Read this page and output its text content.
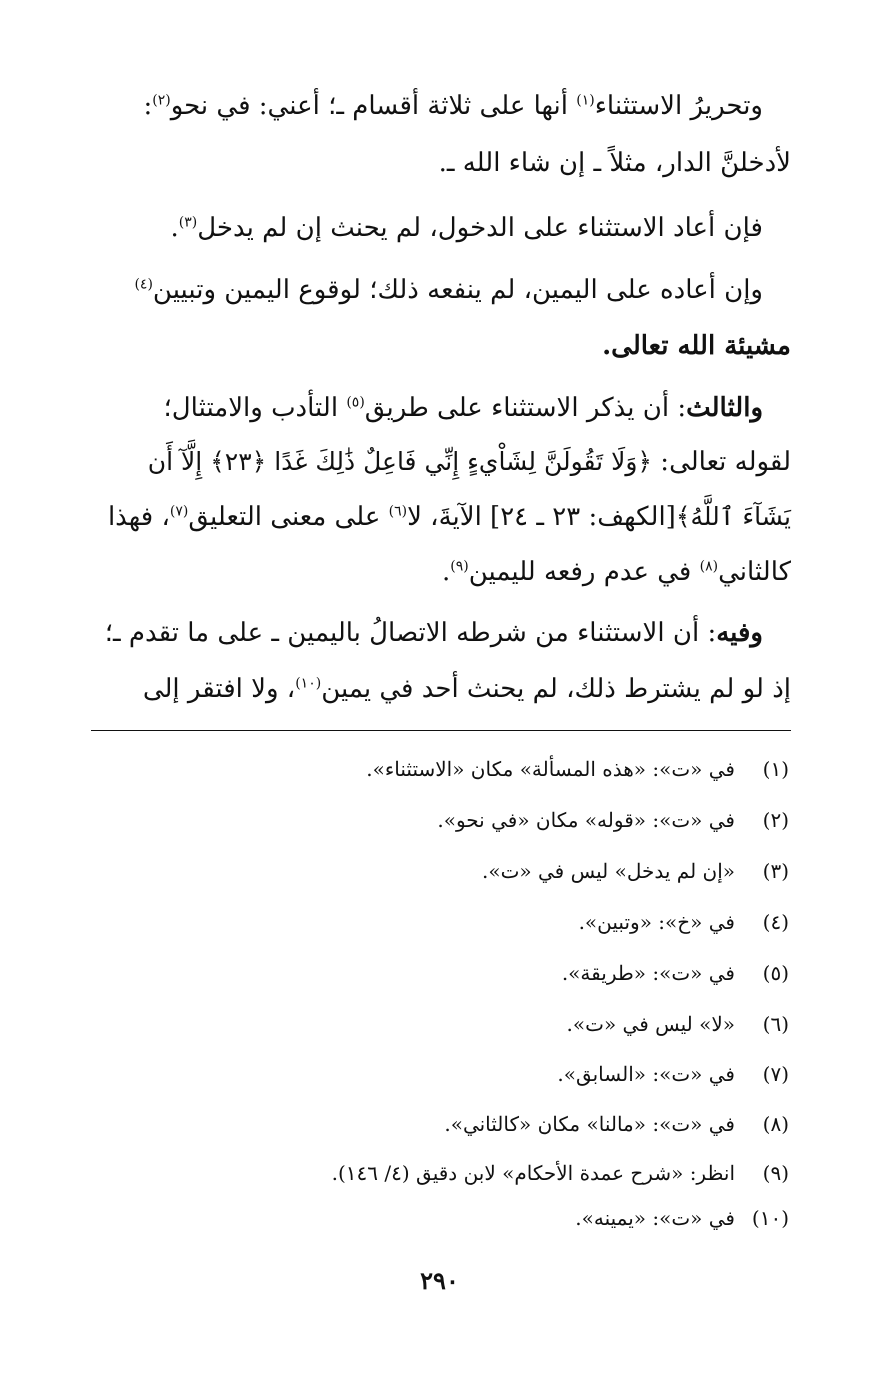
وتحريرُ الاستثناء$^{(١)}$ أنها على ثلاثة أقسام ـ؛ أعني: في نحو$^{(٢)}$:
لأدخلنَّ الدار، مثلاً ـ إن شاء الله ـ.
فإن أعاد الاستثناء على الدخول، لم يحنث إن لم يدخل$^{(٣)}$.
وإن أعاده على اليمين، لم ينفعه ذلك؛ لوقوع اليمين وتبيين$^{(٤)}$
مشيئة الله تعالى.
والثالث: أن يذكر الاستثناء على طريق$^{(٥)}$ التأدب والامتثال؛
لقوله تعالى: ﴿وَلَا تَقُولَنَّ لِشَاْيءٍ إِنِّي فَاعِلٌ ذَٰلِكَ غَدًا ﴿٢٣﴾ إِلَّآ أَن
يَشَآءَ ٱللَّهُ﴾[الكهف: ٢٣ ـ ٢٤] الآيةَ، لا$^{(٦)}$ على معنى التعليق$^{(٧)}$، فهذا
كالثاني$^{(٨)}$ في عدم رفعه لليمين$^{(٩)}$.
وفيه: أن الاستثناء من شرطه الاتصالُ باليمين ـ على ما تقدم ـ؛
إذ لو لم يشترط ذلك، لم يحنث أحد في يمين$^{(١٠)}$، ولا افتقر إلى
(١)في «ت»: «هذه المسألة» مكان «الاستثناء».
(٢)في «ت»: «قوله» مكان «في نحو».
(٣)«إن لم يدخل» ليس في «ت».
(٤)في «خ»: «وتبين».
(٥)في «ت»: «طريقة».
(٦)«لا» ليس في «ت».
(٧)في «ت»: «السابق».
(٨)في «ت»: «مالنا» مكان «كالثاني».
(٩)انظر: «شرح عمدة الأحكام» لابن دقيق (٤/ ١٤٦).
(١٠)في «ت»: «يمينه».
٢٩٠
